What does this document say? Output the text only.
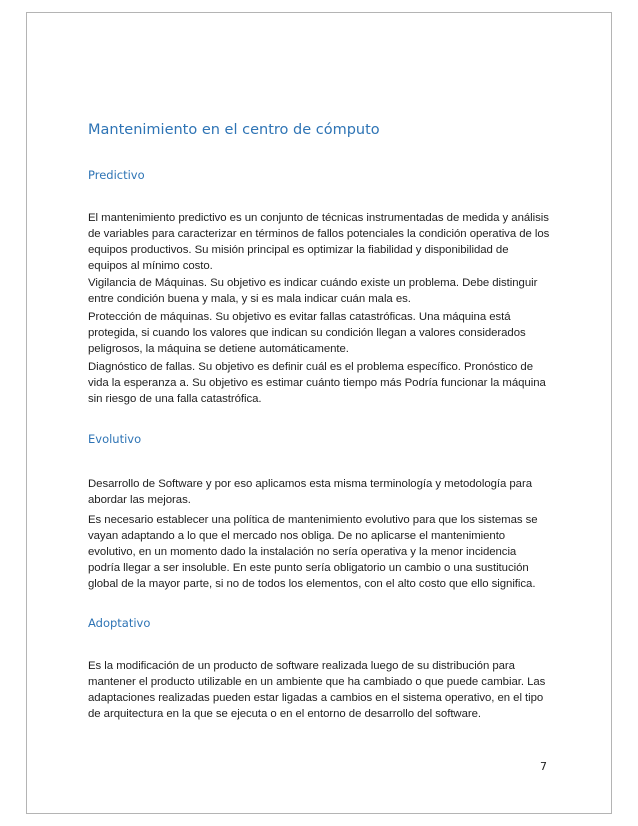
Mantenimiento en el centro de cómputo
Predictivo

El mantenimiento predictivo es un conjunto de técnicas instrumentadas de medida y análisis de variables para caracterizar en términos de fallos potenciales la condición operativa de los equipos productivos. Su misión principal es optimizar la fiabilidad y disponibilidad de equipos al mínimo costo.

Vigilancia de Máquinas. Su objetivo es indicar cuándo existe un problema. Debe distinguir entre condición buena y mala, y si es mala indicar cuán mala es.

Protección de máquinas. Su objetivo es evitar fallas catastróficas. Una máquina está protegida, si cuando los valores que indican su condición llegan a valores considerados peligrosos, la máquina se detiene automáticamente.

Diagnóstico de fallas. Su objetivo es definir cuál es el problema específico. Pronóstico de vida la esperanza a. Su objetivo es estimar cuánto tiempo más Podría funcionar la máquina sin riesgo de una falla catastrófica.

Evolutivo

Desarrollo de Software y por eso aplicamos esta misma terminología y metodología para abordar las mejoras.

Es necesario establecer una política de mantenimiento evolutivo para que los sistemas se vayan adaptando a lo que el mercado nos obliga. De no aplicarse el mantenimiento evolutivo, en un momento dado la instalación no sería operativa y la menor incidencia podría llegar a ser insoluble. En este punto sería obligatorio un cambio o una sustitución global de la mayor parte, si no de todos los elementos, con el alto costo que ello significa.

Adoptativo

Es la modificación de un producto de software realizada luego de su distribución para mantener el producto utilizable en un ambiente que ha cambiado o que puede cambiar. Las adaptaciones realizadas pueden estar ligadas a cambios en el sistema operativo, en el tipo de arquitectura en la que se ejecuta o en el entorno de desarrollo del software.

7
